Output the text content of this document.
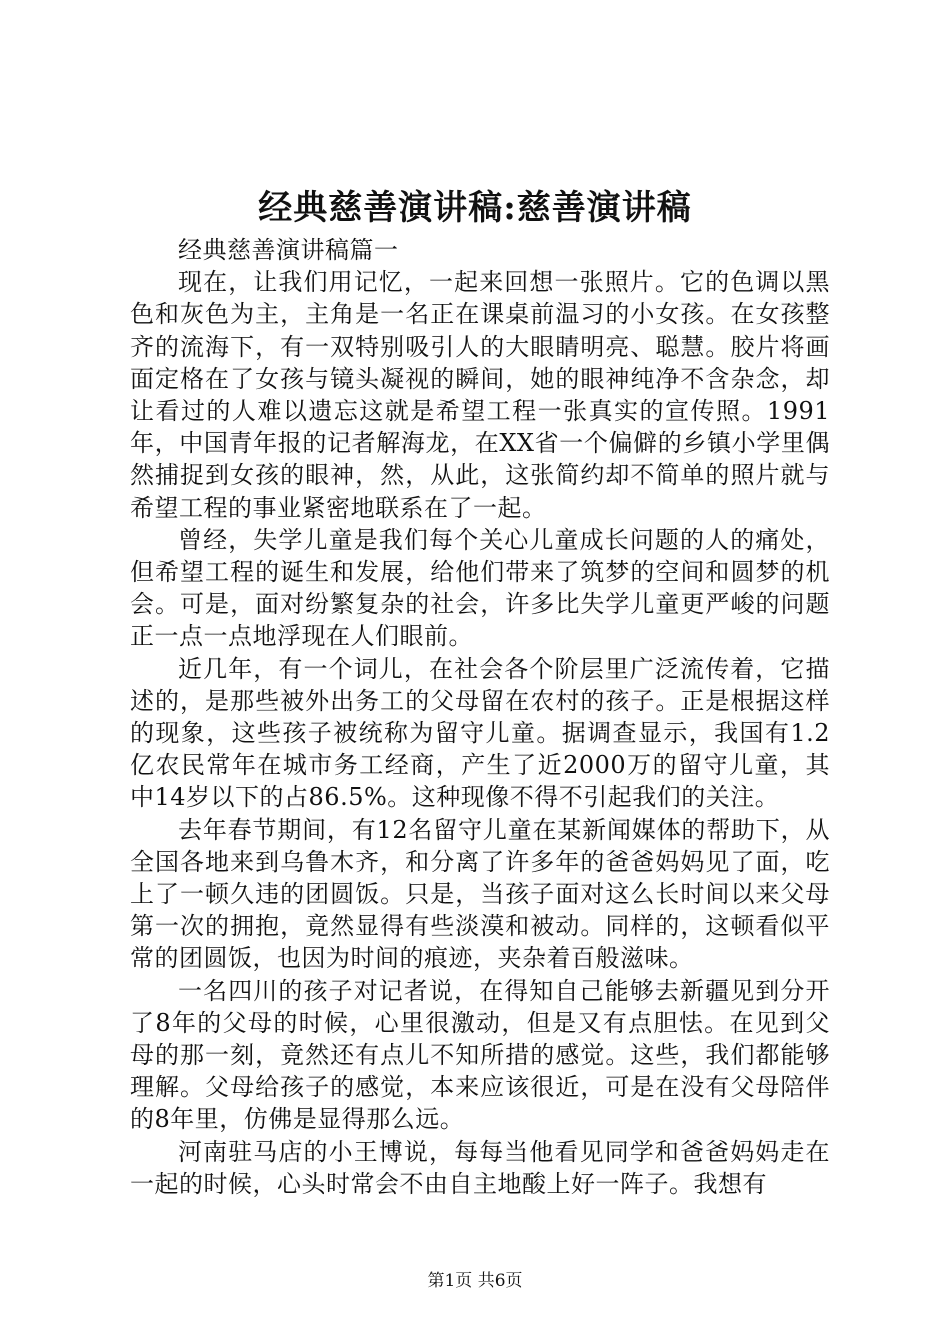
经典慈善演讲稿:慈善演讲稿

经典慈善演讲稿篇一

现在，让我们用记忆，一起来回想一张照片。它的色调以黑色和灰色为主，主角是一名正在课桌前温习的小女孩。在女孩整齐的流海下，有一双特别吸引人的大眼睛明亮、聪慧。胶片将画面定格在了女孩与镜头凝视的瞬间，她的眼神纯净不含杂念，却让看过的人难以遗忘这就是希望工程一张真实的宣传照。1991年，中国青年报的记者解海龙，在XX省一个偏僻的乡镇小学里偶然捕捉到女孩的眼神，然，从此，这张简约却不简单的照片就与希望工程的事业紧密地联系在了一起。

曾经，失学儿童是我们每个关心儿童成长问题的人的痛处，但希望工程的诞生和发展，给他们带来了筑梦的空间和圆梦的机会。可是，面对纷繁复杂的社会，许多比失学儿童更严峻的问题正一点一点地浮现在人们眼前。

近几年，有一个词儿，在社会各个阶层里广泛流传着，它描述的，是那些被外出务工的父母留在农村的孩子。正是根据这样的现象，这些孩子被统称为留守儿童。据调查显示，我国有1.2亿农民常年在城市务工经商，产生了近2000万的留守儿童，其中14岁以下的占86.5%。这种现像不得不引起我们的关注。

去年春节期间，有12名留守儿童在某新闻媒体的帮助下，从全国各地来到乌鲁木齐，和分离了许多年的爸爸妈妈见了面，吃上了一顿久违的团圆饭。只是，当孩子面对这么长时间以来父母第一次的拥抱，竟然显得有些淡漠和被动。同样的，这顿看似平常的团圆饭，也因为时间的痕迹，夹杂着百般滋味。

一名四川的孩子对记者说，在得知自己能够去新疆见到分开了8年的父母的时候，心里很激动，但是又有点胆怯。在见到父母的那一刻，竟然还有点儿不知所措的感觉。这些，我们都能够理解。父母给孩子的感觉，本来应该很近，可是在没有父母陪伴的8年里，仿佛是显得那么远。

河南驻马店的小王博说，每每当他看见同学和爸爸妈妈走在一起的时候，心头时常会不由自主地酸上好一阵子。我想有

第1页 共6页
